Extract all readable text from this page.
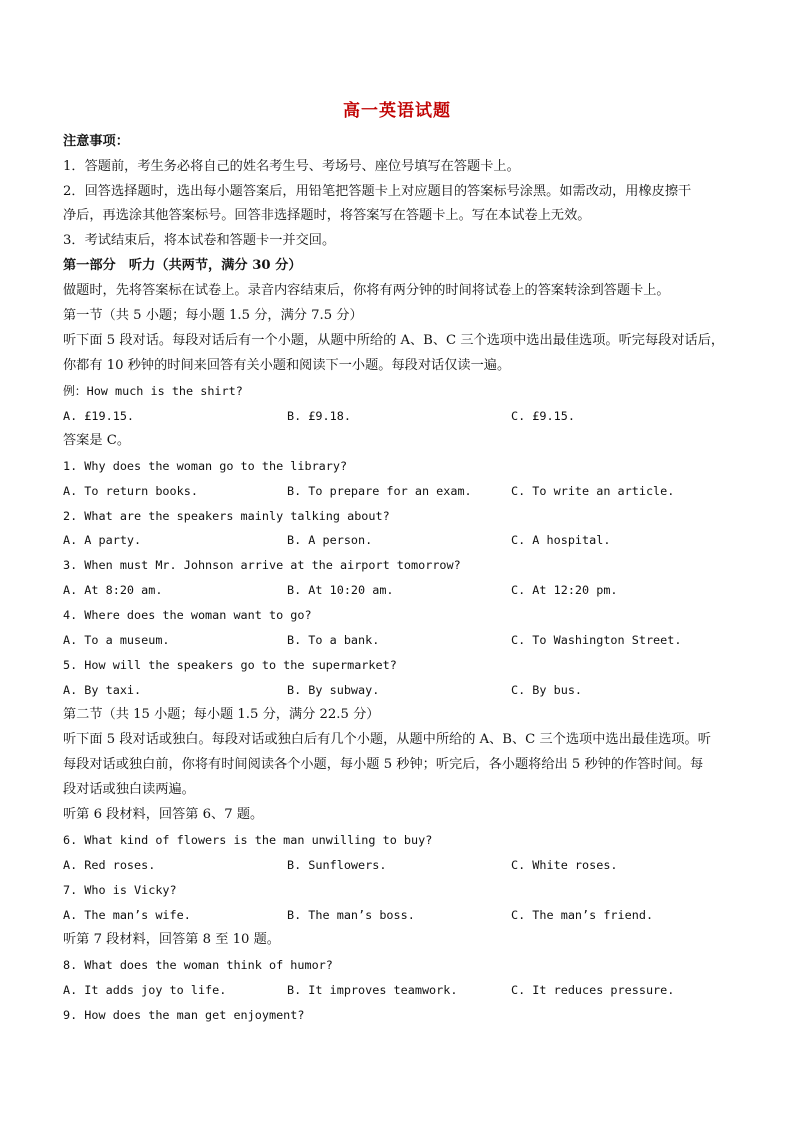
高一英语试题
注意事项：
1．答题前，考生务必将自己的姓名考生号、考场号、座位号填写在答题卡上。
2．回答选择题时，选出每小题答案后，用铅笔把答题卡上对应题目的答案标号涂黑。如需改动，用橡皮擦干
净后，再选涂其他答案标号。回答非选择题时，将答案写在答题卡上。写在本试卷上无效。
3．考试结束后，将本试卷和答题卡一并交回。
第一部分　听力（共两节，满分 30 分）
做题时，先将答案标在试卷上。录音内容结束后，你将有两分钟的时间将试卷上的答案转涂到答题卡上。
第一节（共 5 小题；每小题 1.5 分，满分 7.5 分）
听下面 5 段对话。每段对话后有一个小题，从题中所给的 A、B、C 三个选项中选出最佳选项。听完每段对话后，
你都有 10 秒钟的时间来回答有关小题和阅读下一小题。每段对话仅读一遍。
例：How much is the shirt?
A. £19.15.	B. £9.18.	C. £9.15.
答案是 C。
1. Why does the woman go to the library?
A. To return books.	B. To prepare for an exam.	C. To write an article.
2. What are the speakers mainly talking about?
A. A party.	B. A person.	C. A hospital.
3. When must Mr. Johnson arrive at the airport tomorrow?
A. At 8:20 am.	B. At 10:20 am.	C. At 12:20 pm.
4. Where does the woman want to go?
A. To a museum.	B. To a bank.	C. To Washington Street.
5. How will the speakers go to the supermarket?
A. By taxi.	B. By subway.	C. By bus.
第二节（共 15 小题；每小题 1.5 分，满分 22.5 分）
听下面 5 段对话或独白。每段对话或独白后有几个小题，从题中所给的 A、B、C 三个选项中选出最佳选项。听
每段对话或独白前，你将有时间阅读各个小题，每小题 5 秒钟；听完后，各小题将给出 5 秒钟的作答时间。每
段对话或独白读两遍。
听第 6 段材料，回答第 6、7 题。
6. What kind of flowers is the man unwilling to buy?
A. Red roses.	B. Sunflowers.	C. White roses.
7. Who is Vicky?
A. The man’s wife.	B. The man’s boss.	C. The man’s friend.
听第 7 段材料，回答第 8 至 10 题。
8. What does the woman think of humor?
A. It adds joy to life.	B. It improves teamwork.	C. It reduces pressure.
9. How does the man get enjoyment?
